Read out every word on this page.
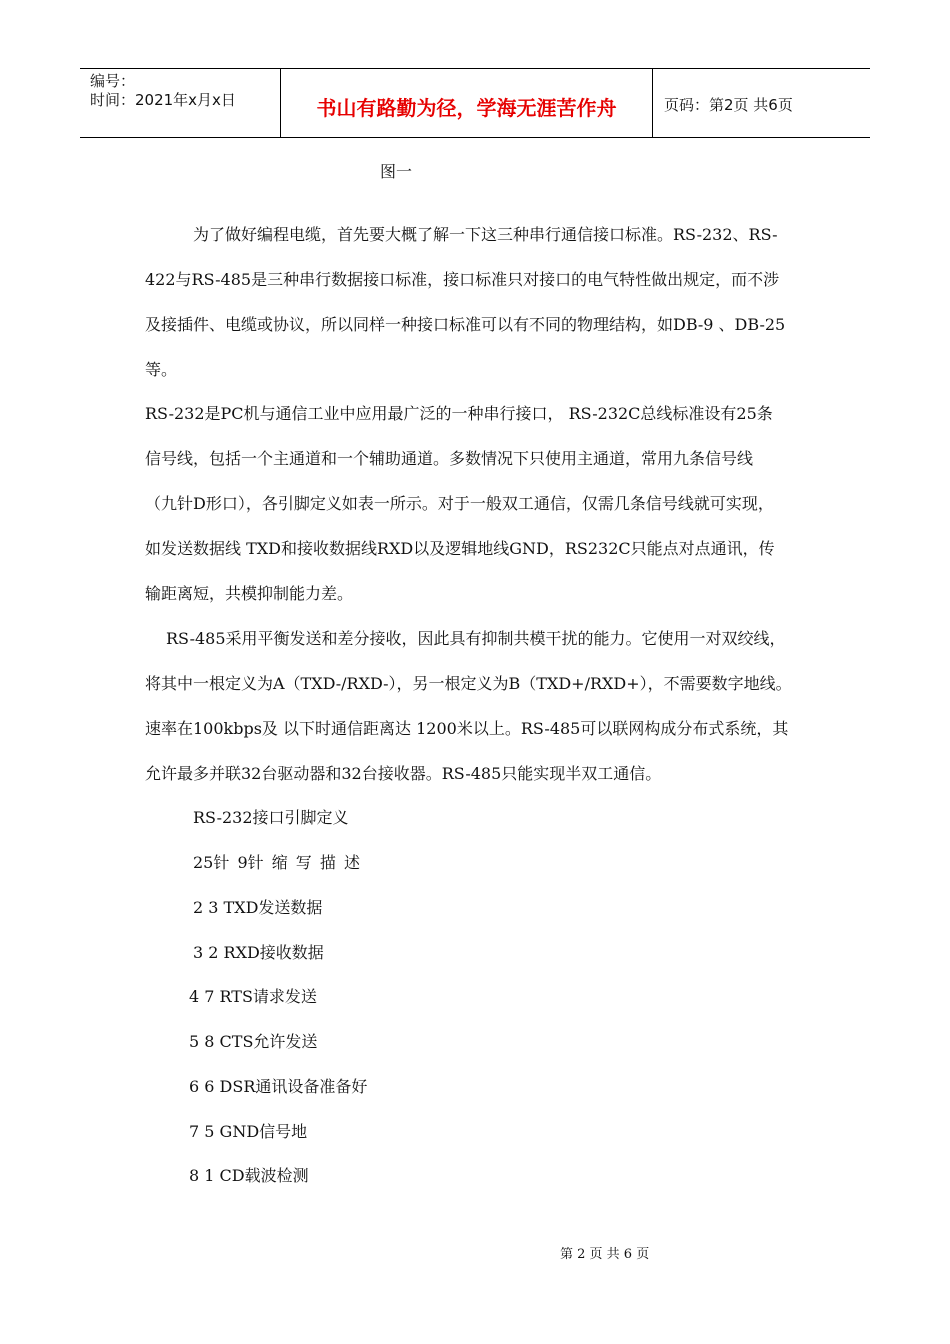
编号：
时间：2021年x月x日	书山有路勤为径，学海无涯苦作舟	页码：第2页 共6页
图一
为了做好编程电缆，首先要大概了解一下这三种串行通信接口标准。RS-232、RS-
422与RS-485是三种串行数据接口标准，接口标准只对接口的电气特性做出规定，而不涉
及接插件、电缆或协议，所以同样一种接口标准可以有不同的物理结构，如DB-9 、DB-25
等。
RS-232是PC机与通信工业中应用最广泛的一种串行接口， RS-232C总线标准设有25条
信号线，包括一个主通道和一个辅助通道。多数情况下只使用主通道，常用九条信号线
（九针D形口），各引脚定义如表一所示。对于一般双工通信，仅需几条信号线就可实现，
如发送数据线 TXD和接收数据线RXD以及逻辑地线GND，RS232C只能点对点通讯，传
输距离短，共模抑制能力差。
RS-485采用平衡发送和差分接收，因此具有抑制共模干扰的能力。它使用一对双绞线，
将其中一根定义为A（TXD-/RXD-），另一根定义为B（TXD+/RXD+），不需要数字地线。
速率在100kbps及 以下时通信距离达 1200米以上。RS-485可以联网构成分布式系统，其
允许最多并联32台驱动器和32台接收器。RS-485只能实现半双工通信。
RS-232接口引脚定义
25针 9针 缩 写 描 述
2 3 TXD发送数据
3 2 RXD接收数据
4 7 RTS请求发送
5 8 CTS允许发送
6 6 DSR通讯设备准备好
7 5 GND信号地
8 1 CD载波检测
第 2 页 共 6 页
